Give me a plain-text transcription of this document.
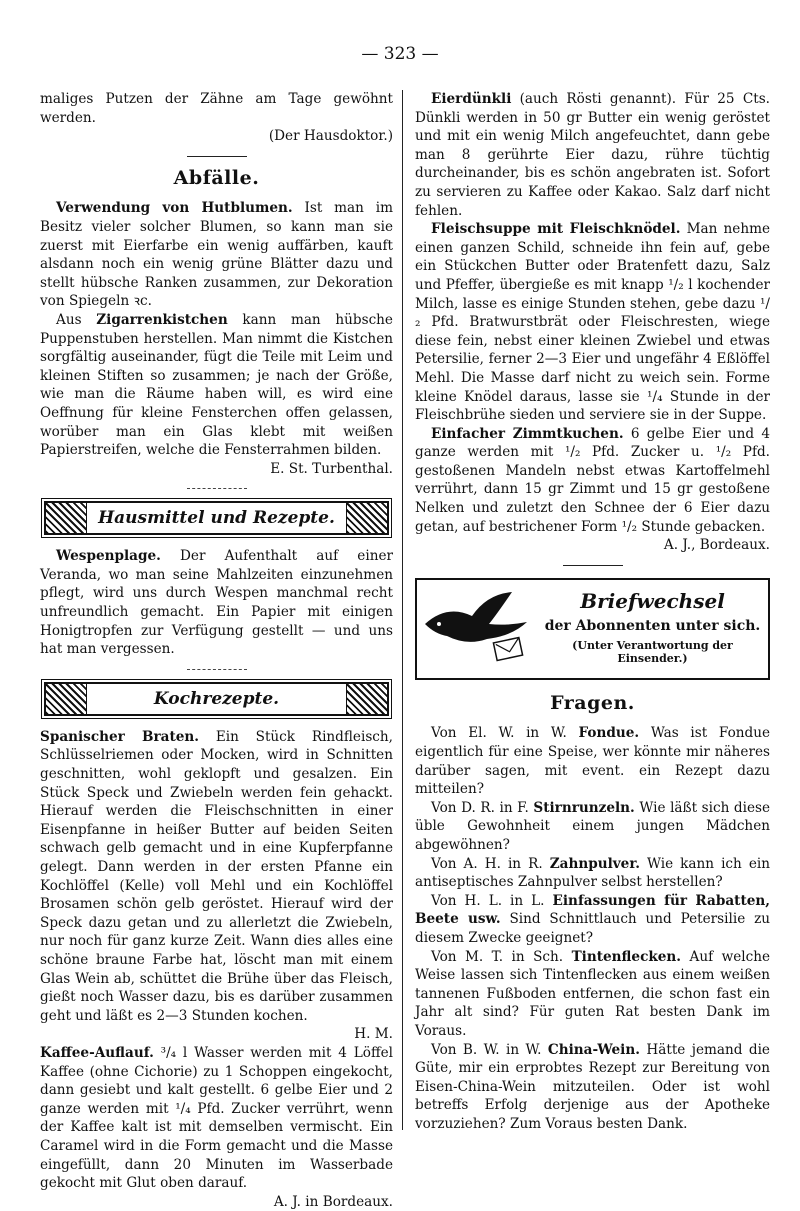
— 323 —

maliges Putzen der Zähne am Tage gewöhnt werden.
(Der Hausdoktor.)

Abfälle.

Verwendung von Hutblumen. Ist man im Besitz vieler solcher Blumen, so kann man sie zuerst mit Eierfarbe ein wenig auffärben, kauft alsdann noch ein wenig grüne Blätter dazu und stellt hübsche Ranken zusammen, zur Dekoration von Spiegeln ꝛc.

Aus Zigarrenkistchen kann man hübsche Puppenstuben herstellen. Man nimmt die Kistchen sorgfältig auseinander, fügt die Teile mit Leim und kleinen Stiften so zusammen; je nach der Größe, wie man die Räume haben will, es wird eine Oeffnung für kleine Fensterchen offen gelassen, worüber man ein Glas klebt mit weißen Papierstreifen, welche die Fensterrahmen bilden.
E. St. Turbenthal.

Hausmittel und Rezepte.

Wespenplage. Der Aufenthalt auf einer Veranda, wo man seine Mahlzeiten einzunehmen pflegt, wird uns durch Wespen manchmal recht unfreundlich gemacht. Ein Papier mit einigen Honigtropfen zur Verfügung gestellt — und uns hat man vergessen.

Kochrezepte.

Spanischer Braten. Ein Stück Rindfleisch, Schlüsselriemen oder Mocken, wird in Schnitten geschnitten, wohl geklopft und gesalzen. Ein Stück Speck und Zwiebeln werden fein gehackt. Hierauf werden die Fleischschnitten in einer Eisenpfanne in heißer Butter auf beiden Seiten schwach gelb gemacht und in eine Kupferpfanne gelegt. Dann werden in der ersten Pfanne ein Kochlöffel (Kelle) voll Mehl und ein Kochlöffel Brosamen schön gelb geröstet. Hierauf wird der Speck dazu getan und zu allerletzt die Zwiebeln, nur noch für ganz kurze Zeit. Wann dies alles eine schöne braune Farbe hat, löscht man mit einem Glas Wein ab, schüttet die Brühe über das Fleisch, gießt noch Wasser dazu, bis es darüber zusammen geht und läßt es 2—3 Stunden kochen.
H. M.

Kaffee-Auflauf. ³/₄ l Wasser werden mit 4 Löffel Kaffee (ohne Cichorie) zu 1 Schoppen eingekocht, dann gesiebt und kalt gestellt. 6 gelbe Eier und 2 ganze werden mit ¹/₄ Pfd. Zucker verrührt, wenn der Kaffee kalt ist mit demselben vermischt. Ein Caramel wird in die Form gemacht und die Masse eingefüllt, dann 20 Minuten im Wasserbade gekocht mit Glut oben darauf.
A. J. in Bordeaux.

Eierdünkli (auch Rösti genannt). Für 25 Cts. Dünkli werden in 50 gr Butter ein wenig geröstet und mit ein wenig Milch angefeuchtet, dann gebe man 8 gerührte Eier dazu, rühre tüchtig durcheinander, bis es schön angebraten ist. Sofort zu servieren zu Kaffee oder Kakao. Salz darf nicht fehlen.

Fleischsuppe mit Fleischknödel. Man nehme einen ganzen Schild, schneide ihn fein auf, gebe ein Stückchen Butter oder Bratenfett dazu, Salz und Pfeffer, übergieße es mit knapp ¹/₂ l kochender Milch, lasse es einige Stunden stehen, gebe dazu ¹/₂ Pfd. Bratwurstbrät oder Fleischresten, wiege diese fein, nebst einer kleinen Zwiebel und etwas Petersilie, ferner 2—3 Eier und ungefähr 4 Eßlöffel Mehl. Die Masse darf nicht zu weich sein. Forme kleine Knödel daraus, lasse sie ¹/₄ Stunde in der Fleischbrühe sieden und serviere sie in der Suppe.

Einfacher Zimmtkuchen. 6 gelbe Eier und 4 ganze werden mit ¹/₂ Pfd. Zucker u. ¹/₂ Pfd. gestoßenen Mandeln nebst etwas Kartoffelmehl verrührt, dann 15 gr Zimmt und 15 gr gestoßene Nelken und zuletzt den Schnee der 6 Eier dazu getan, auf bestrichener Form ¹/₂ Stunde gebacken.
A. J., Bordeaux.

Briefwechsel
der Abonnenten unter sich.
(Unter Verantwortung der Einsender.)
Fragen.

Von El. W. in W. Fondue. Was ist Fondue eigentlich für eine Speise, wer könnte mir näheres darüber sagen, mit event. ein Rezept dazu mitteilen?

Von D. R. in F. Stirnrunzeln. Wie läßt sich diese üble Gewohnheit einem jungen Mädchen abgewöhnen?

Von A. H. in R. Zahnpulver. Wie kann ich ein antiseptisches Zahnpulver selbst herstellen?

Von H. L. in L. Einfassungen für Rabatten, Beete usw. Sind Schnittlauch und Petersilie zu diesem Zwecke geeignet?

Von M. T. in Sch. Tintenflecken. Auf welche Weise lassen sich Tintenflecken aus einem weißen tannenen Fußboden entfernen, die schon fast ein Jahr alt sind? Für guten Rat besten Dank im Voraus.

Von B. W. in W. China-Wein. Hätte jemand die Güte, mir ein erprobtes Rezept zur Bereitung von Eisen-China-Wein mitzuteilen. Oder ist wohl betreffs Erfolg derjenige aus der Apotheke vorzuziehen? Zum Voraus besten Dank.
